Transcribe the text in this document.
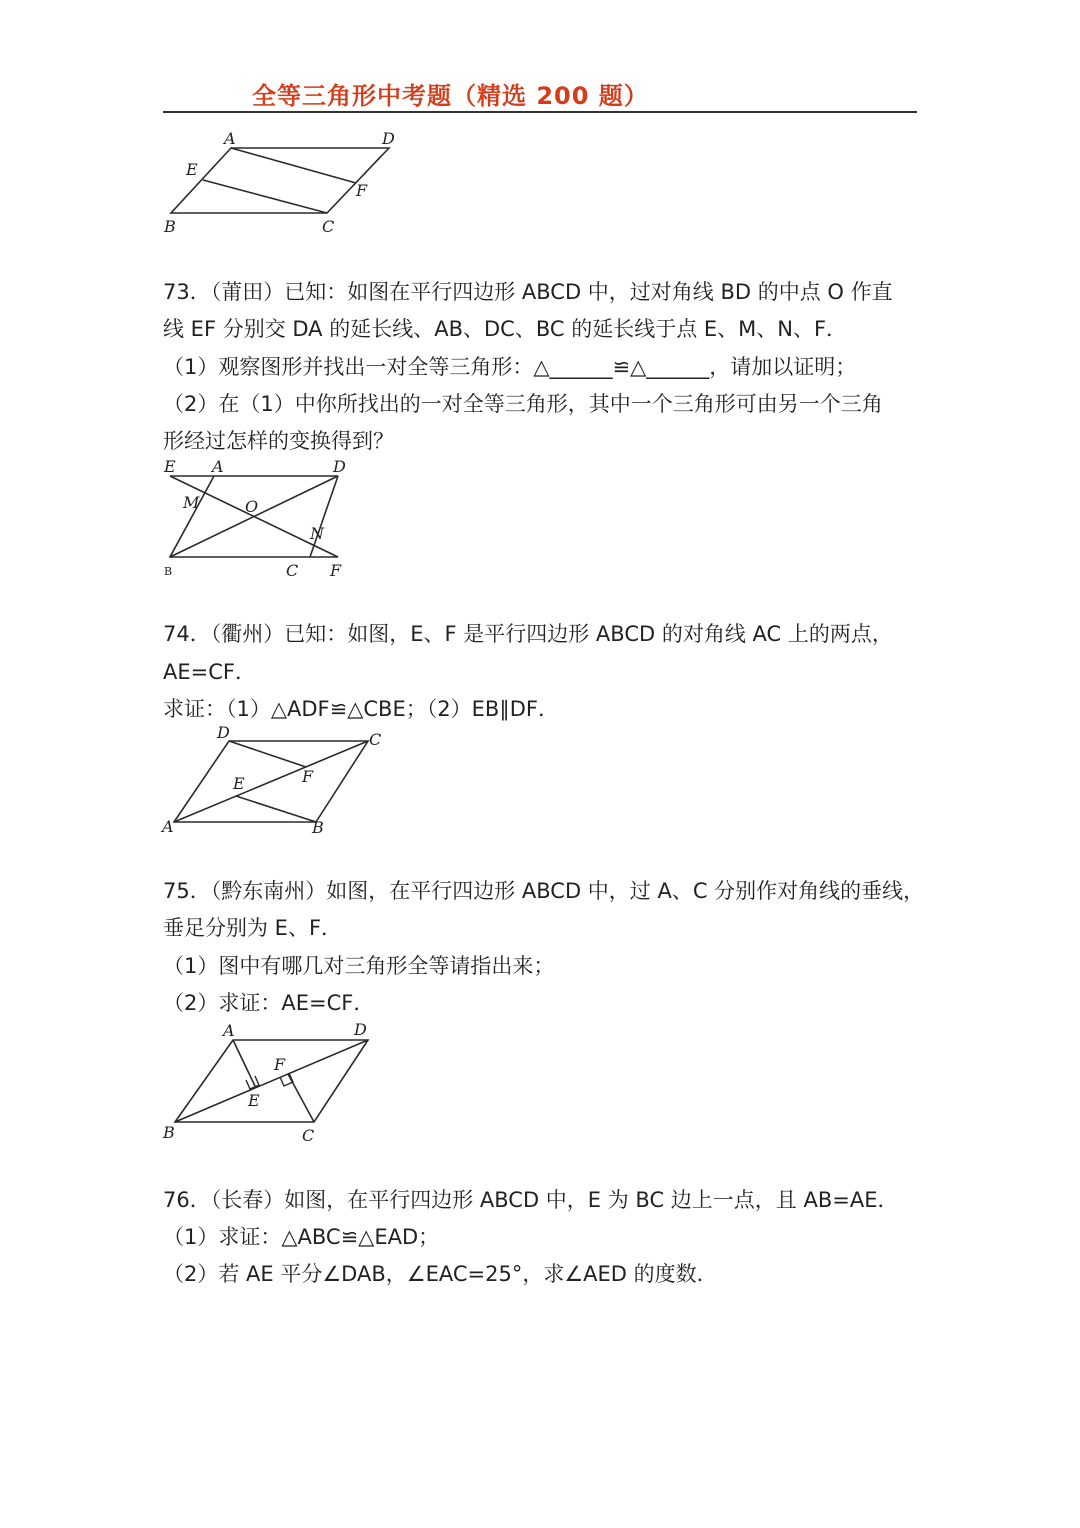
全等三角形中考题（精选 200 题）
A	D
E
F
B	C
73．（莆田）已知：如图在平行四边形 ABCD 中，过对角线 BD 的中点 O 作直
线 EF 分别交 DA 的延长线、AB、DC、BC 的延长线于点 E、M、N、F．
（1）观察图形并找出一对全等三角形：△______≌△______，请加以证明；
（2）在（1）中你所找出的一对全等三角形，其中一个三角形可由另一个三角
形经过怎样的变换得到？
E A	D
M	O
N
B	C F
74．（衢州）已知：如图，E、F 是平行四边形 ABCD 的对角线 AC 上的两点，
AE=CF．
求证：（1）△ADF≌△CBE；（2）EB∥DF．
D	C
E	F
A	B
75．（黔东南州）如图，在平行四边形 ABCD 中，过 A、C 分别作对角线的垂线，
垂足分别为 E、F．
（1）图中有哪几对三角形全等请指出来；
（2）求证：AE=CF．
A	D
F
E
B	C
76．（长春）如图，在平行四边形 ABCD 中，E 为 BC 边上一点，且 AB=AE．
（1）求证：△ABC≌△EAD；
（2）若 AE 平分∠DAB，∠EAC=25°，求∠AED 的度数．
